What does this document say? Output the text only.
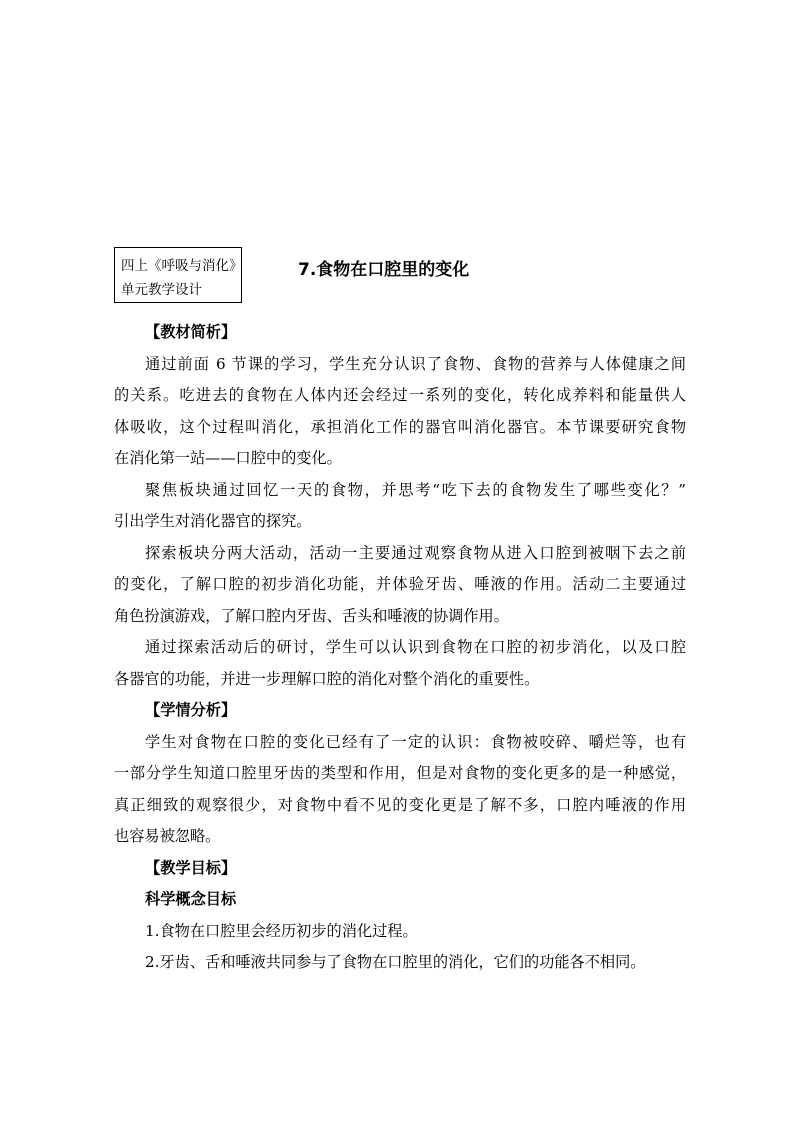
四上《呼吸与消化》
单元教学设计
7.食物在口腔里的变化
【教材简析】
通过前面 6 节课的学习，学生充分认识了食物、食物的营养与人体健康之间
的关系。吃进去的食物在人体内还会经过一系列的变化，转化成养料和能量供人
体吸收，这个过程叫消化，承担消化工作的器官叫消化器官。本节课要研究食物
在消化第一站——口腔中的变化。
聚焦板块通过回忆一天的食物，并思考“吃下去的食物发生了哪些变化？”
引出学生对消化器官的探究。
探索板块分两大活动，活动一主要通过观察食物从进入口腔到被咽下去之前
的变化，了解口腔的初步消化功能，并体验牙齿、唾液的作用。活动二主要通过
角色扮演游戏，了解口腔内牙齿、舌头和唾液的协调作用。
通过探索活动后的研讨，学生可以认识到食物在口腔的初步消化，以及口腔
各器官的功能，并进一步理解口腔的消化对整个消化的重要性。
【学情分析】
学生对食物在口腔的变化已经有了一定的认识：食物被咬碎、嚼烂等，也有
一部分学生知道口腔里牙齿的类型和作用，但是对食物的变化更多的是一种感觉，
真正细致的观察很少，对食物中看不见的变化更是了解不多，口腔内唾液的作用
也容易被忽略。
【教学目标】
科学概念目标
1.食物在口腔里会经历初步的消化过程。
2.牙齿、舌和唾液共同参与了食物在口腔里的消化，它们的功能各不相同。
